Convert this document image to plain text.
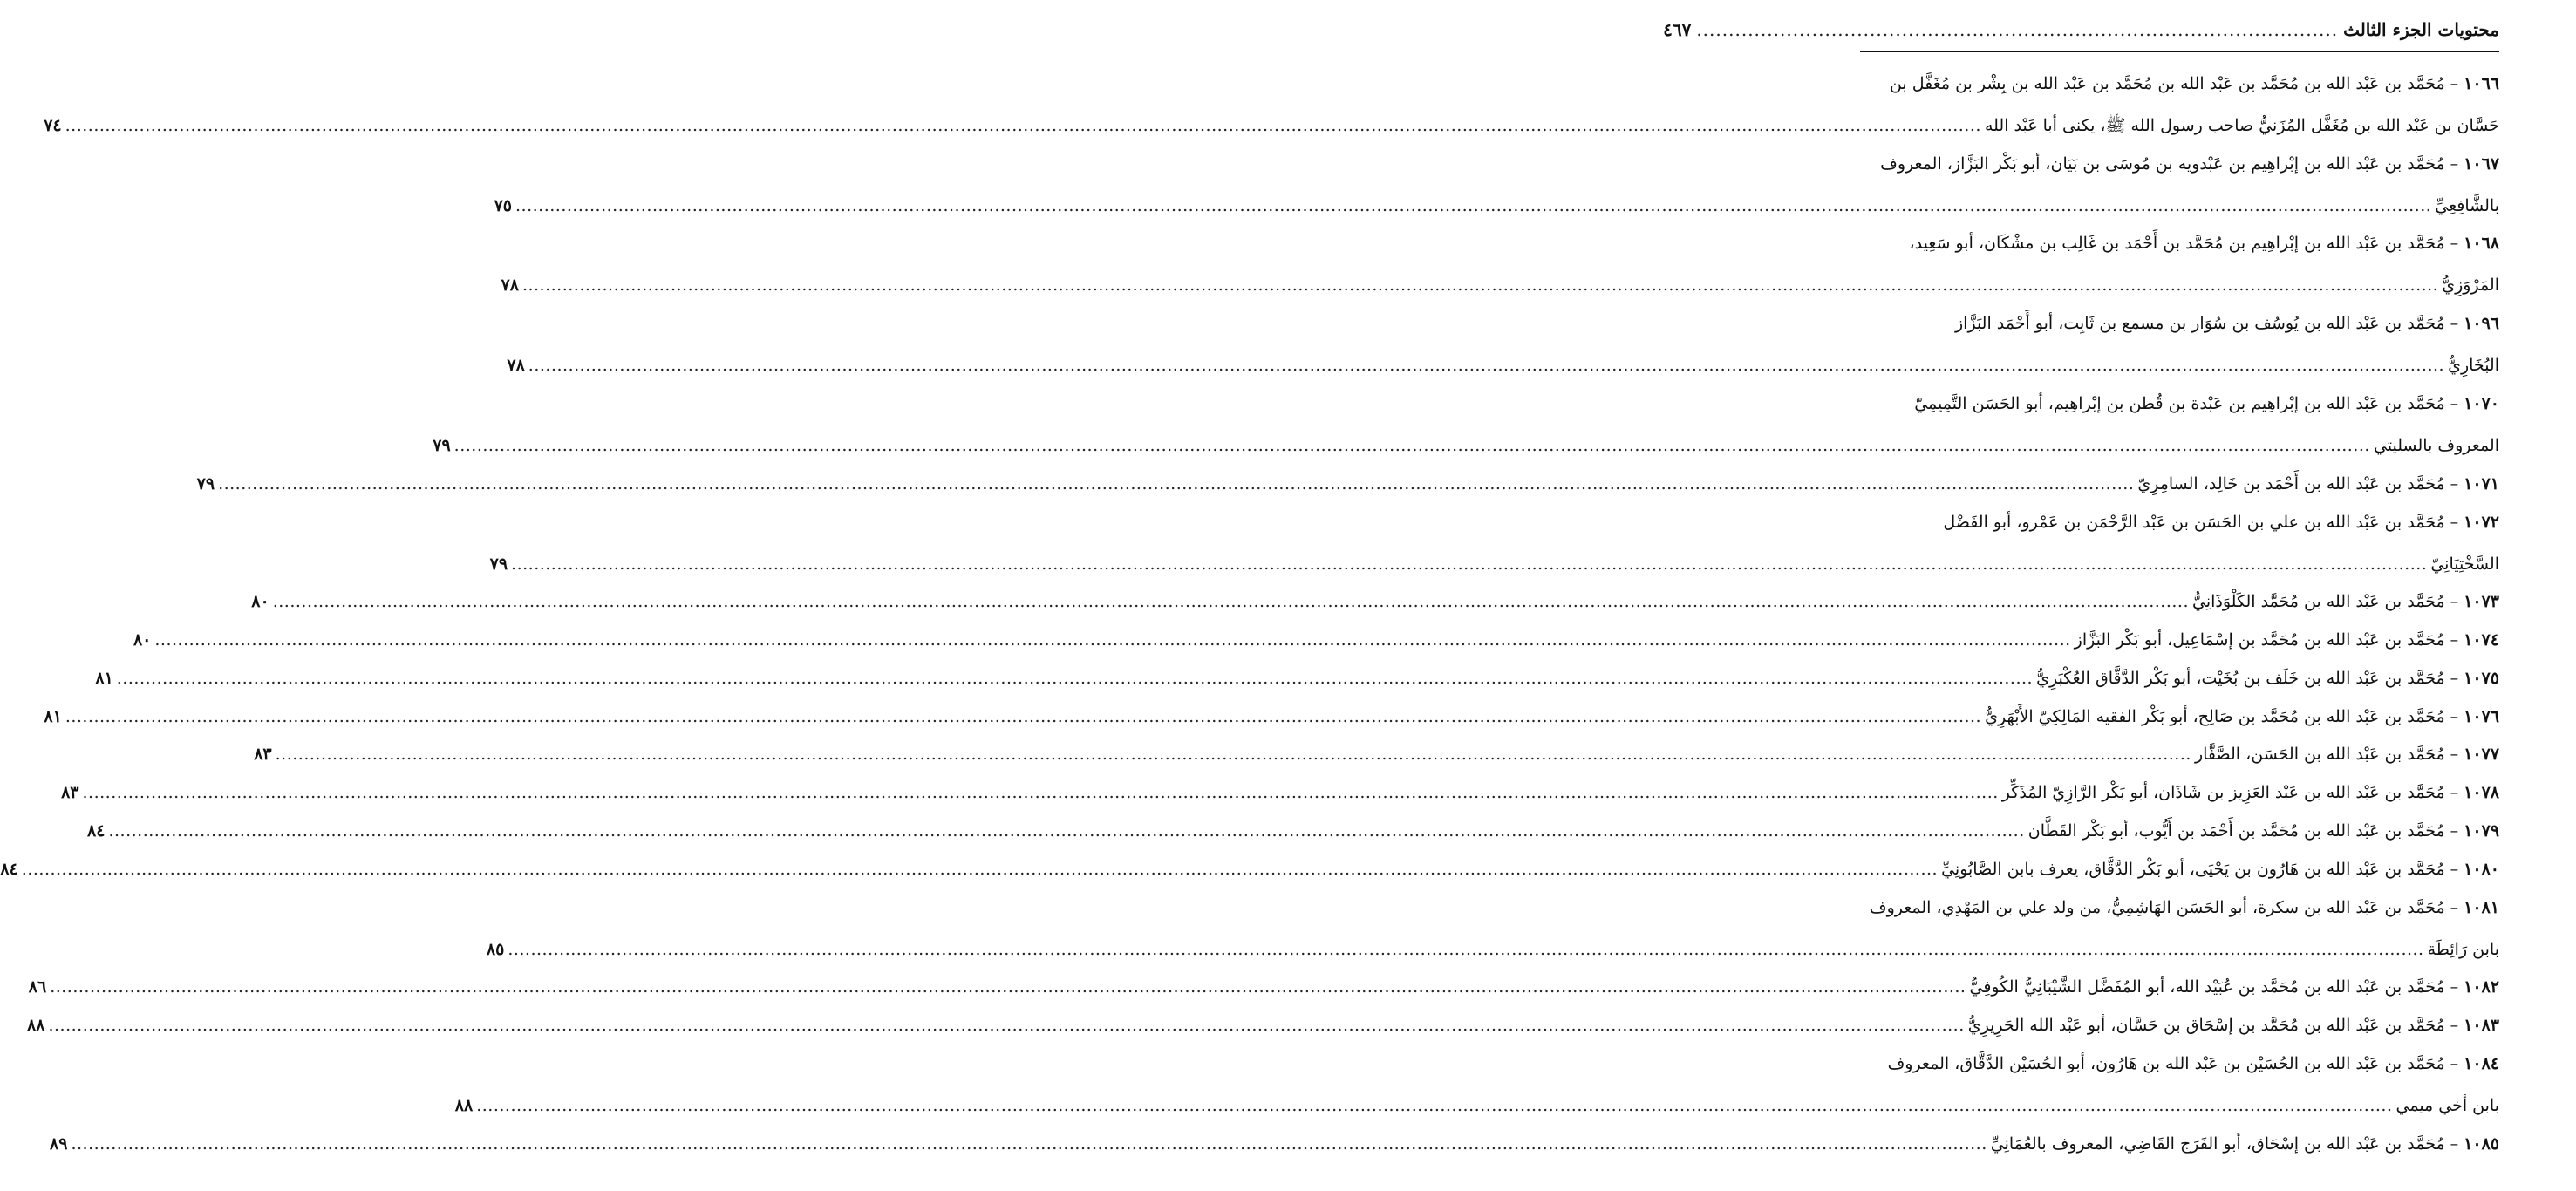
محتويات الجزء الثالث
....................................................................................................
٤٦٧
١٠٦٦
–
مُحَمَّد بن عَبْد الله بن مُحَمَّد بن عَبْد الله بن مُحَمَّد بن عَبْد الله بن بِشْر بن مُغَفَّل بن
حَسَّان بن عَبْد الله بن مُغَفَّل المُزَنيُّ صاحب رسول الله ﷺ، يكنى أبا عَبْد الله
.....
٧٤
١٠٦٧
–
مُحَمَّد بن عَبْد الله بن إبْراهِيم بن عَبْدويه بن مُوسَى بن بَيَان، أبو بَكْر البَزَّاز، المعروف
بالشَّافِعِيِّ
.....
٧٥
١٠٦٨
–
مُحَمَّد بن عَبْد الله بن إبْراهِيم بن مُحَمَّد بن أَحْمَد بن غَالِب بن مشْكَان، أبو سَعِيد،
المَرْوَزِيُّ
.....
٧٨
١٠٩٦
–
مُحَمَّد بن عَبْد الله بن يُوسُف بن سُوَار بن مسمع بن ثَابِت، أبو أَحْمَد البَزَّاز
البُخَارِيُّ
.....
٧٨
١٠٧٠
–
مُحَمَّد بن عَبْد الله بن إبْراهِيم بن عَبْدة بن قُطن بن إبْراهِيم، أبو الحَسَن التَّمِيمِيّ
المعروف بالسليتي
.....
٧٩
١٠٧١
–
مُحَمَّد بن عَبْد الله بن أَحْمَد بن خَالِد، السامِرِيّ
.....
٧٩
١٠٧٢
–
مُحَمَّد بن عَبْد الله بن علي بن الحَسَن بن عَبْد الرَّحْمَن بن عَمْرو، أبو الفَضْل
السَّخْتِيَانِيّ
.....
٧٩
١٠٧٣
–
مُحَمَّد بن عَبْد الله بن مُحَمَّد الكَلْوَذَانِيُّ
.....
٨٠
١٠٧٤
–
مُحَمَّد بن عَبْد الله بن مُحَمَّد بن إسْمَاعِيل، أبو بَكْر البَزَّاز
.....
٨٠
١٠٧٥
–
مُحَمَّد بن عَبْد الله بن خَلَف بن بُخَيْت، أبو بَكْر الدَّقَّاق العُكْبَرِيُّ
.....
٨١
١٠٧٦
–
مُحَمَّد بن عَبْد الله بن مُحَمَّد بن صَالِح، أبو بَكْر الفقيه المَالِكِيّ الأَبْهَرِيُّ
.....
٨١
١٠٧٧
–
مُحَمَّد بن عَبْد الله بن الحَسَن، الصَّفَّار
.....
٨٣
١٠٧٨
–
مُحَمَّد بن عَبْد الله بن عَبْد العَزِيز بن شَاذَان، أبو بَكْر الرَّازِيّ المُذَكِّر
.....
٨٣
١٠٧٩
–
مُحَمَّد بن عَبْد الله بن مُحَمَّد بن أَحْمَد بن أَيُّوب، أبو بَكْر القَطَّان
.....
٨٤
١٠٨٠
–
مُحَمَّد بن عَبْد الله بن هَارُون بن يَحْيَى، أبو بَكْر الدَّقَّاق، يعرف بابن الصَّابُونِيِّ
.....
٨٤
١٠٨١
–
مُحَمَّد بن عَبْد الله بن سكرة، أبو الحَسَن الهَاشِمِيُّ، من ولد علي بن المَهْدِي، المعروف
بابن رَائِطَة
.....
٨٥
١٠٨٢
–
مُحَمَّد بن عَبْد الله بن مُحَمَّد بن عُبَيْد الله، أبو المُفَضَّل الشَّيْبَانِيُّ الكُوفِيُّ
.....
٨٦
١٠٨٣
–
مُحَمَّد بن عَبْد الله بن مُحَمَّد بن إسْحَاق بن حَسَّان، أبو عَبْد الله الحَرِيرِيُّ
.....
٨٨
١٠٨٤
–
مُحَمَّد بن عَبْد الله بن الحُسَيْن بن عَبْد الله بن هَارُون، أبو الحُسَيْن الدَّقَّاق، المعروف
بابن أخي ميمي
.....
٨٨
١٠٨٥
–
مُحَمَّد بن عَبْد الله بن إسْحَاق، أبو الفَرَج القَاضِي، المعروف بالعُمَانِيِّ
.....
٨٩
